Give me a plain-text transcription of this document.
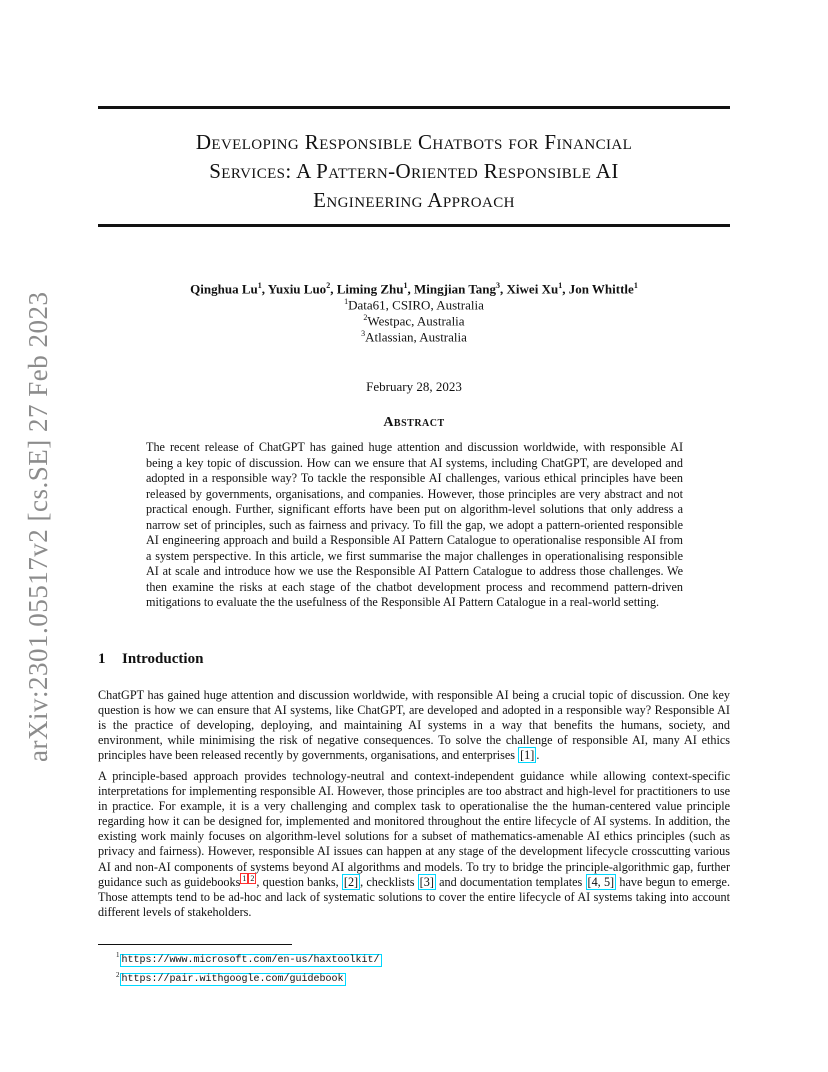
arXiv:2301.05517v2 [cs.SE] 27 Feb 2023
Developing Responsible Chatbots for Financial
Services: A Pattern-Oriented Responsible AI
Engineering Approach
Qinghua Lu$^1$, Yuxiu Luo$^2$, Liming Zhu$^1$, Mingjian Tang$^3$, Xiwei Xu$^1$, Jon Whittle$^1$
$^1$Data61, CSIRO, Australia
$^2$Westpac, Australia
$^3$Atlassian, Australia
February 28, 2023
Abstract

The recent release of ChatGPT has gained huge attention and discussion worldwide, with responsible AI being a key topic of discussion. How can we ensure that AI systems, including ChatGPT, are developed and adopted in a responsible way? To tackle the responsible AI challenges, various ethical principles have been released by governments, organisations, and companies. However, those principles are very abstract and not practical enough. Further, significant efforts have been put on algorithm-level solutions that only address a narrow set of principles, such as fairness and privacy. To fill the gap, we adopt a pattern-oriented responsible AI engineering approach and build a Responsible AI Pattern Catalogue to operationalise responsible AI from a system perspective. In this article, we first summarise the major challenges in operationalising responsible AI at scale and introduce how we use the Responsible AI Pattern Catalogue to address those challenges. We then examine the risks at each stage of the chatbot development process and recommend pattern-driven mitigations to evaluate the the usefulness of the Responsible AI Pattern Catalogue in a real-world setting.

1 Introduction

ChatGPT has gained huge attention and discussion worldwide, with responsible AI being a crucial topic of discussion. One key question is how we can ensure that AI systems, like ChatGPT, are developed and adopted in a responsible way? Responsible AI is the practice of developing, deploying, and maintaining AI systems in a way that benefits the humans, society, and environment, while minimising the risk of negative consequences. To solve the challenge of responsible AI, many AI ethics principles have been released recently by governments, organisations, and enterprises [1] .

A principle-based approach provides technology-neutral and context-independent guidance while allowing context-specific interpretations for implementing responsible AI. However, those principles are too abstract and high-level for practitioners to use in practice. For example, it is a very challenging and complex task to operationalise the the human-centered value principle regarding how it can be designed for, implemented and monitored throughout the entire lifecycle of AI systems. In addition, the existing work mainly focuses on algorithm-level solutions for a subset of mathematics-amenable AI ethics principles (such as privacy and fairness). However, responsible AI issues can happen at any stage of the development lifecycle crosscutting various AI and non-AI components of systems beyond AI algorithms and models. To try to bridge the principle-algorithmic gap, further guidance such as guidebooks $^1$ $^2$ , question banks, [2] , checklists [3] and documentation templates [4, 5] have begun to emerge. Those attempts tend to be ad-hoc and lack of systematic solutions to cover the entire lifecycle of AI systems taking into account different levels of stakeholders.

$^1$ https://www.microsoft.com/en-us/haxtoolkit/
$^2$ https://pair.withgoogle.com/guidebook
